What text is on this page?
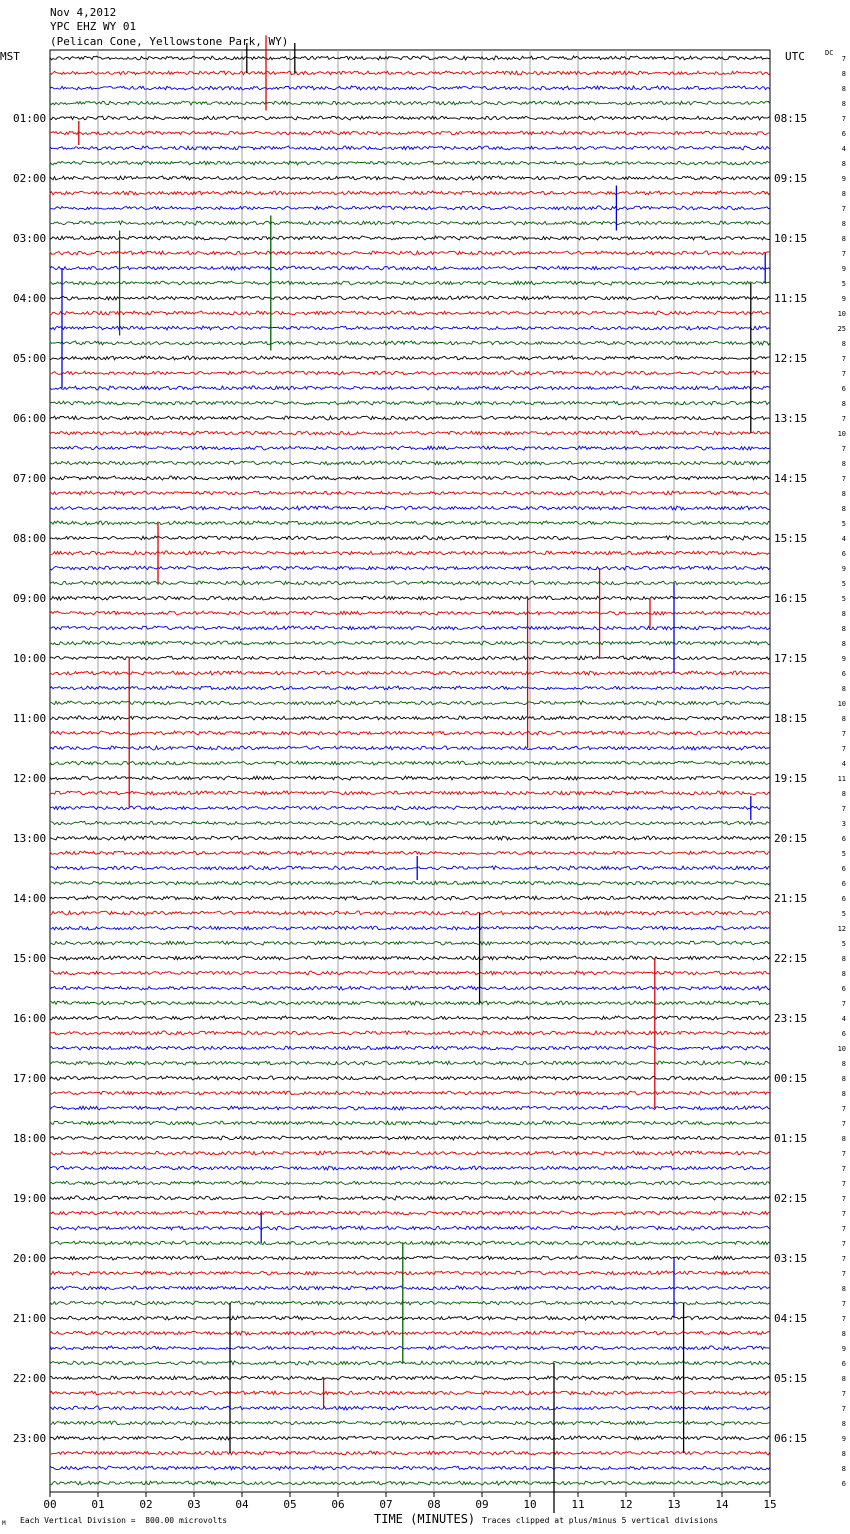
Nov 4,2012
YPC EHZ WY 01
(Pelican Cone, Yellowstone Park, WY)
MST	UTC	DC
01:00	08:15
02:00	09:15
03:00	10:15
04:00	11:15
05:00	12:15
06:00	13:15
07:00	14:15
08:00	15:15
09:00	16:15
10:00	17:15
11:00	18:15
12:00	19:15
13:00	20:15
14:00	21:15
15:00	22:15
16:00	23:15
17:00	00:15
18:00	01:15
19:00	02:15
20:00	03:15
21:00	04:15
22:00	05:15
23:00	06:15
7
8
8
8
7
6
4
8
9
8
7
8
8
7
9
5
9
10
25
8
7
7
6
8
7
10
7
8
7
8
8
5
4
6
9
5
5
8
8
8
9
6
8
10
8
7
7
4
11
8
7
3
6
5
6
6
6
5
12
5
8
8
6
7
4
6
10
8
8
8
7
7
8
7
7
7
7
7
7
7
7
7
8
7
7
8
9
6
8
7
7
8
9
8
8
6
00	01	02	03	04	05	06	07	08	09	10	11	12	13	14	15
TIME (MINUTES)
Each Vertical Division =  800.00 microvolts	Traces clipped at plus/minus 5 vertical divisions
M
